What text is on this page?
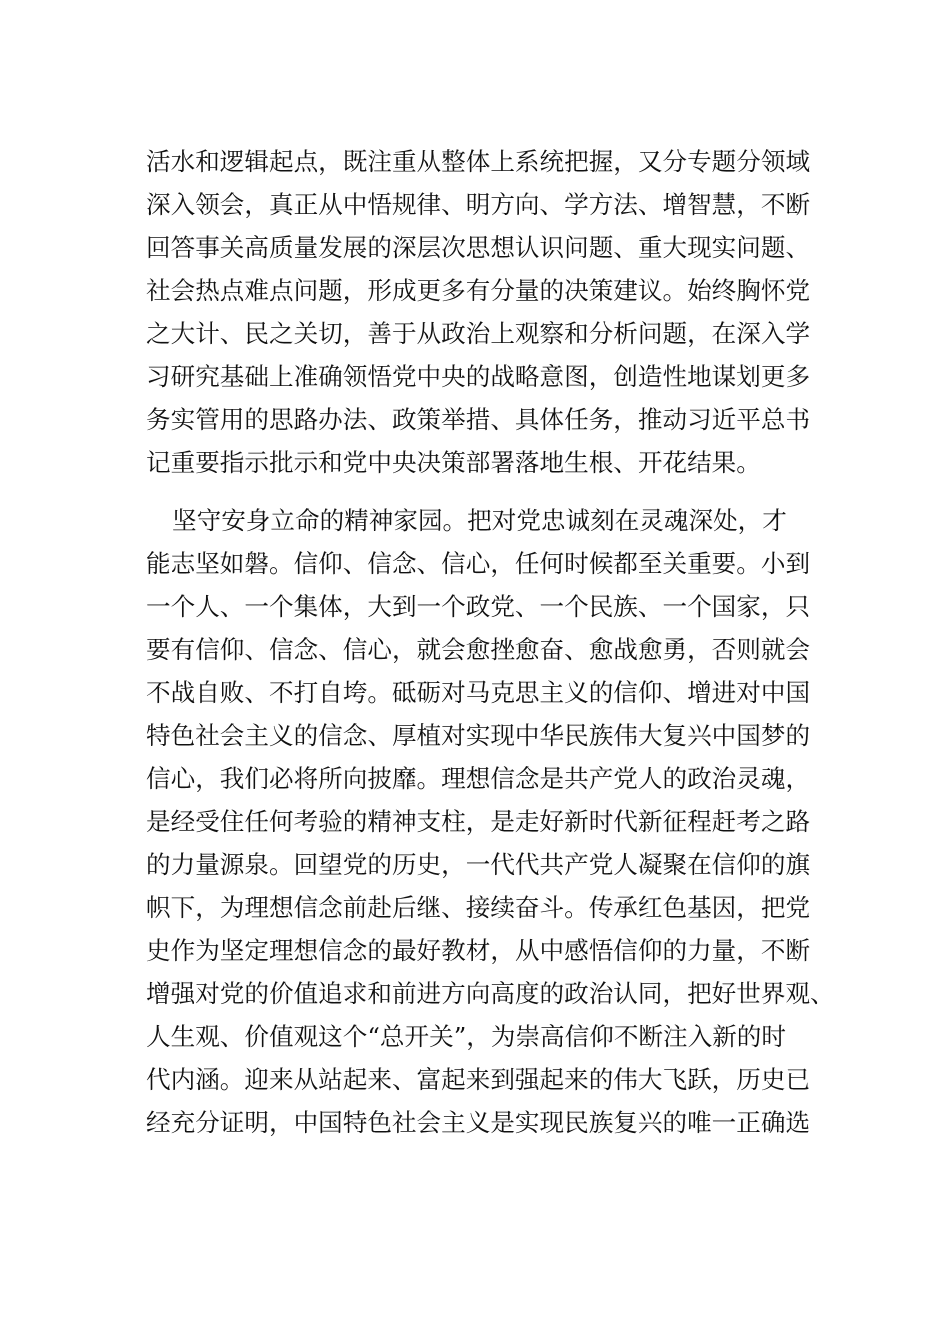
活水和逻辑起点，既注重从整体上系统把握，又分专题分领域
深入领会，真正从中悟规律、明方向、学方法、增智慧，不断
回答事关高质量发展的深层次思想认识问题、重大现实问题、
社会热点难点问题，形成更多有分量的决策建议。始终胸怀党
之大计、民之关切，善于从政治上观察和分析问题，在深入学
习研究基础上准确领悟党中央的战略意图，创造性地谋划更多
务实管用的思路办法、政策举措、具体任务，推动习近平总书
记重要指示批示和党中央决策部署落地生根、开花结果。
坚守安身立命的精神家园。把对党忠诚刻在灵魂深处，才
能志坚如磐。信仰、信念、信心，任何时候都至关重要。小到
一个人、一个集体，大到一个政党、一个民族、一个国家，只
要有信仰、信念、信心，就会愈挫愈奋、愈战愈勇，否则就会
不战自败、不打自垮。砥砺对马克思主义的信仰、增进对中国
特色社会主义的信念、厚植对实现中华民族伟大复兴中国梦的
信心，我们必将所向披靡。理想信念是共产党人的政治灵魂，
是经受住任何考验的精神支柱，是走好新时代新征程赶考之路
的力量源泉。回望党的历史，一代代共产党人凝聚在信仰的旗
帜下，为理想信念前赴后继、接续奋斗。传承红色基因，把党
史作为坚定理想信念的最好教材，从中感悟信仰的力量，不断
增强对党的价值追求和前进方向高度的政治认同，把好世界观、
人生观、价值观这个“总开关”，为崇高信仰不断注入新的时
代内涵。迎来从站起来、富起来到强起来的伟大飞跃，历史已
经充分证明，中国特色社会主义是实现民族复兴的唯一正确选
